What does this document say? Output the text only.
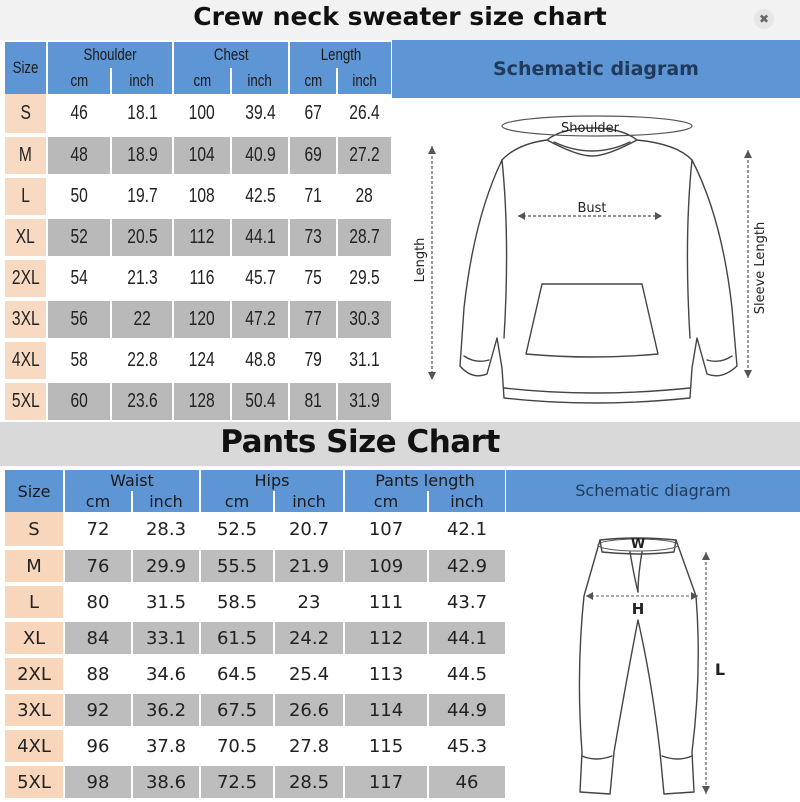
Crew neck sweater size chart	✖
Size	Shoulder		Chest		Length	
	cm	inch	cm	inch	cm	inch
S	46	18.1	100	39.4	67	26.4
M	48	18.9	104	40.9	69	27.2
L	50	19.7	108	42.5	71	28
XL	52	20.5	112	44.1	73	28.7
2XL	54	21.3	116	45.7	75	29.5
3XL	56	22	120	47.2	77	30.3
4XL	58	22.8	124	48.8	79	31.1
5XL	60	23.6	128	50.4	81	31.9
Schematic diagram
Shoulder
Bust
Length	Sleeve Length
Pants Size Chart
Size	Waist		Hips		Pants length	
	cm	inch	cm	inch	cm	inch
S	72	28.3	52.5	20.7	107	42.1
M	76	29.9	55.5	21.9	109	42.9
L	80	31.5	58.5	23	111	43.7
XL	84	33.1	61.5	24.2	112	44.1
2XL	88	34.6	64.5	25.4	113	44.5
3XL	92	36.2	67.5	26.6	114	44.9
4XL	96	37.8	70.5	27.8	115	45.3
5XL	98	38.6	72.5	28.5	117	46
Schematic diagram
W
H
L
